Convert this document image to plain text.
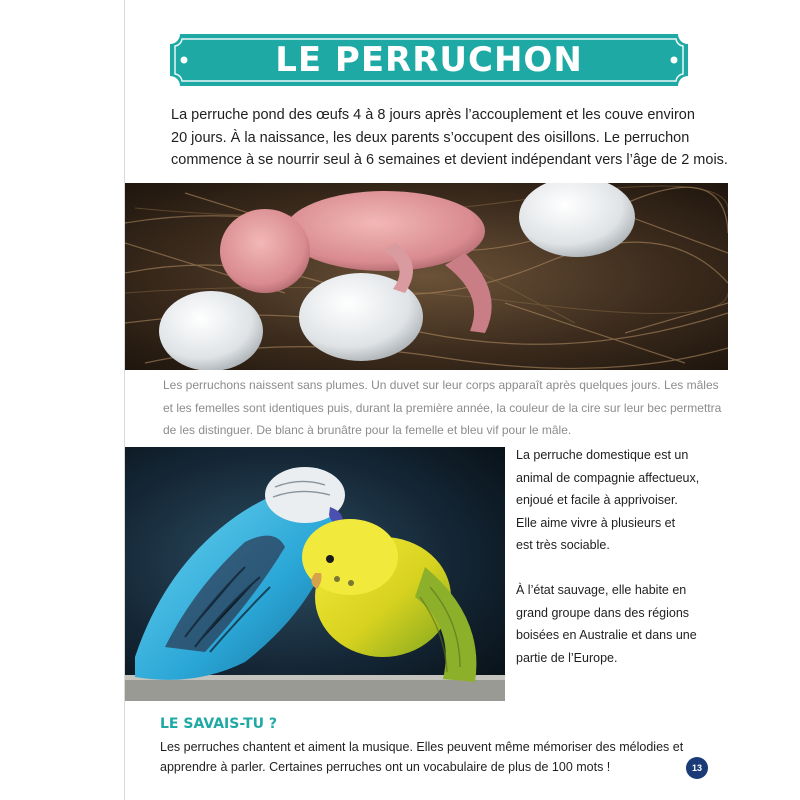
LE PERRUCHON
La perruche pond des œufs 4 à 8 jours après l’accouplement et les couve environ
20 jours. À la naissance, les deux parents s’occupent des oisillons. Le perruchon
commence à se nourrir seul à 6 semaines et devient indépendant vers l’âge de 2 mois.
Les perruchons naissent sans plumes. Un duvet sur leur corps apparaît après quelques jours. Les mâles
et les femelles sont identiques puis, durant la première année, la couleur de la cire sur leur bec permettra
de les distinguer. De blanc à brunâtre pour la femelle et bleu vif pour le mâle.
La perruche domestique est un
animal de compagnie affectueux,
enjoué et facile à apprivoiser.
Elle aime vivre à plusieurs et
est très sociable.
À l’état sauvage, elle habite en
grand groupe dans des régions
boisées en Australie et dans une
partie de l’Europe.
LE SAVAIS-TU ?
Les perruches chantent et aiment la musique. Elles peuvent même mémoriser des mélodies et
apprendre à parler. Certaines perruches ont un vocabulaire de plus de 100 mots !	13
